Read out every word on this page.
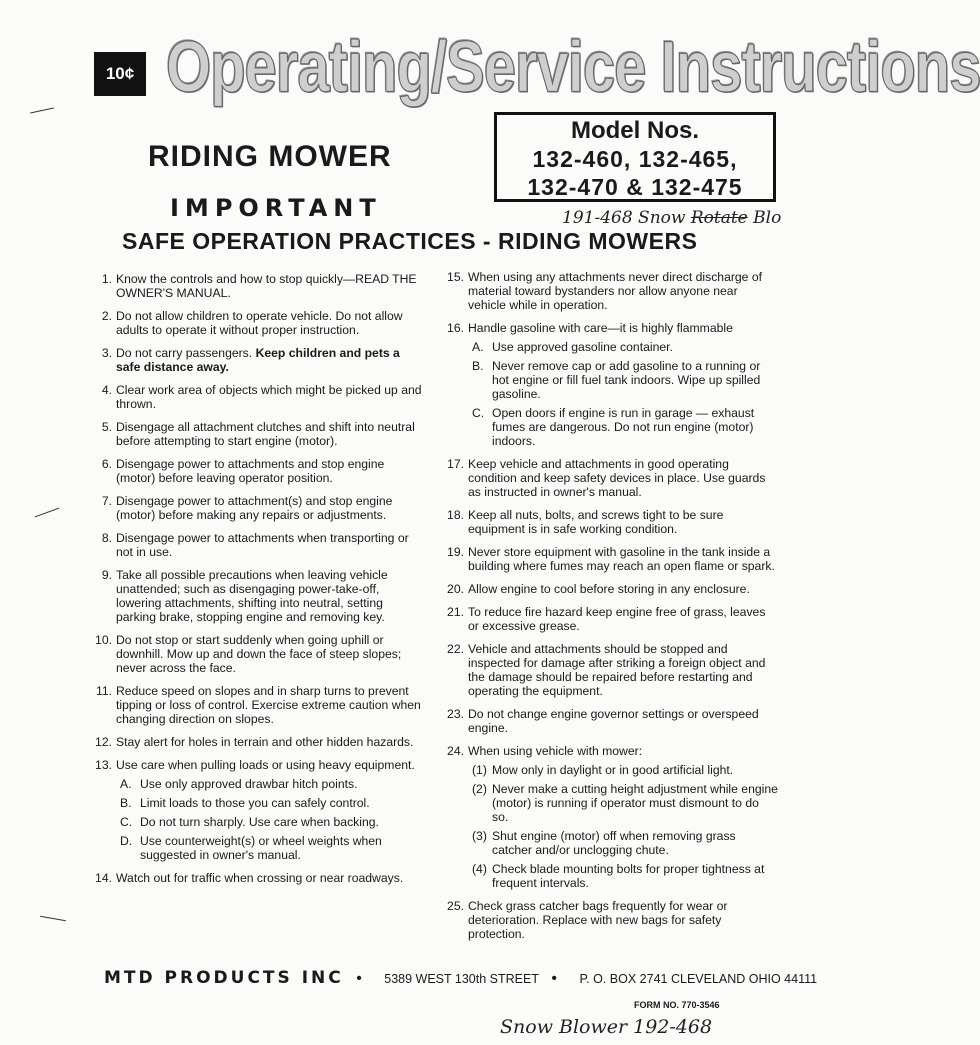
10¢ Operating/Service Instructions
RIDING MOWER
Model Nos.
132-460, 132-465,
132-470 & 132-475
IMPORTANT	191-468 Snow Rotate Blo
SAFE OPERATION PRACTICES - RIDING MOWERS
1. Know the controls and how to stop quickly—READ THE OWNER'S MANUAL.
2. Do not allow children to operate vehicle. Do not allow adults to operate it without proper instruction.
3. Do not carry passengers. Keep children and pets a safe distance away.
4. Clear work area of objects which might be picked up and thrown.
5. Disengage all attachment clutches and shift into neutral before attempting to start engine (motor).
6. Disengage power to attachments and stop engine (motor) before leaving operator position.
7. Disengage power to attachment(s) and stop engine (motor) before making any repairs or adjustments.
8. Disengage power to attachments when transporting or not in use.
9. Take all possible precautions when leaving vehicle unattended; such as disengaging power-take-off, lowering attachments, shifting into neutral, setting parking brake, stopping engine and removing key.
10. Do not stop or start suddenly when going uphill or downhill. Mow up and down the face of steep slopes; never across the face.
11. Reduce speed on slopes and in sharp turns to prevent tipping or loss of control. Exercise extreme caution when changing direction on slopes.
12. Stay alert for holes in terrain and other hidden hazards.
13. Use care when pulling loads or using heavy equipment.
A. Use only approved drawbar hitch points.
B. Limit loads to those you can safely control.
C. Do not turn sharply. Use care when backing.
D. Use counterweight(s) or wheel weights when suggested in owner's manual.
14. Watch out for traffic when crossing or near roadways.
15. When using any attachments never direct discharge of material toward bystanders nor allow anyone near vehicle while in operation.
16. Handle gasoline with care—it is highly flammable
A. Use approved gasoline container.
B. Never remove cap or add gasoline to a running or hot engine or fill fuel tank indoors. Wipe up spilled gasoline.
C. Open doors if engine is run in garage — exhaust fumes are dangerous. Do not run engine (motor) indoors.
17. Keep vehicle and attachments in good operating condition and keep safety devices in place. Use guards as instructed in owner's manual.
18. Keep all nuts, bolts, and screws tight to be sure equipment is in safe working condition.
19. Never store equipment with gasoline in the tank inside a building where fumes may reach an open flame or spark.
20. Allow engine to cool before storing in any enclosure.
21. To reduce fire hazard keep engine free of grass, leaves or excessive grease.
22. Vehicle and attachments should be stopped and inspected for damage after striking a foreign object and the damage should be repaired before restarting and operating the equipment.
23. Do not change engine governor settings or overspeed engine.
24. When using vehicle with mower:
(1) Mow only in daylight or in good artificial light.
(2) Never make a cutting height adjustment while engine (motor) is running if operator must dismount to do so.
(3) Shut engine (motor) off when removing grass catcher and/or unclogging chute.
(4) Check blade mounting bolts for proper tightness at frequent intervals.
25. Check grass catcher bags frequently for wear or deterioration. Replace with new bags for safety protection.
MTD PRODUCTS INC • 5389 WEST 130th STREET • P. O. BOX 2741 CLEVELAND OHIO 44111
FORM NO. 770-3546
Snow Blower 192-468
